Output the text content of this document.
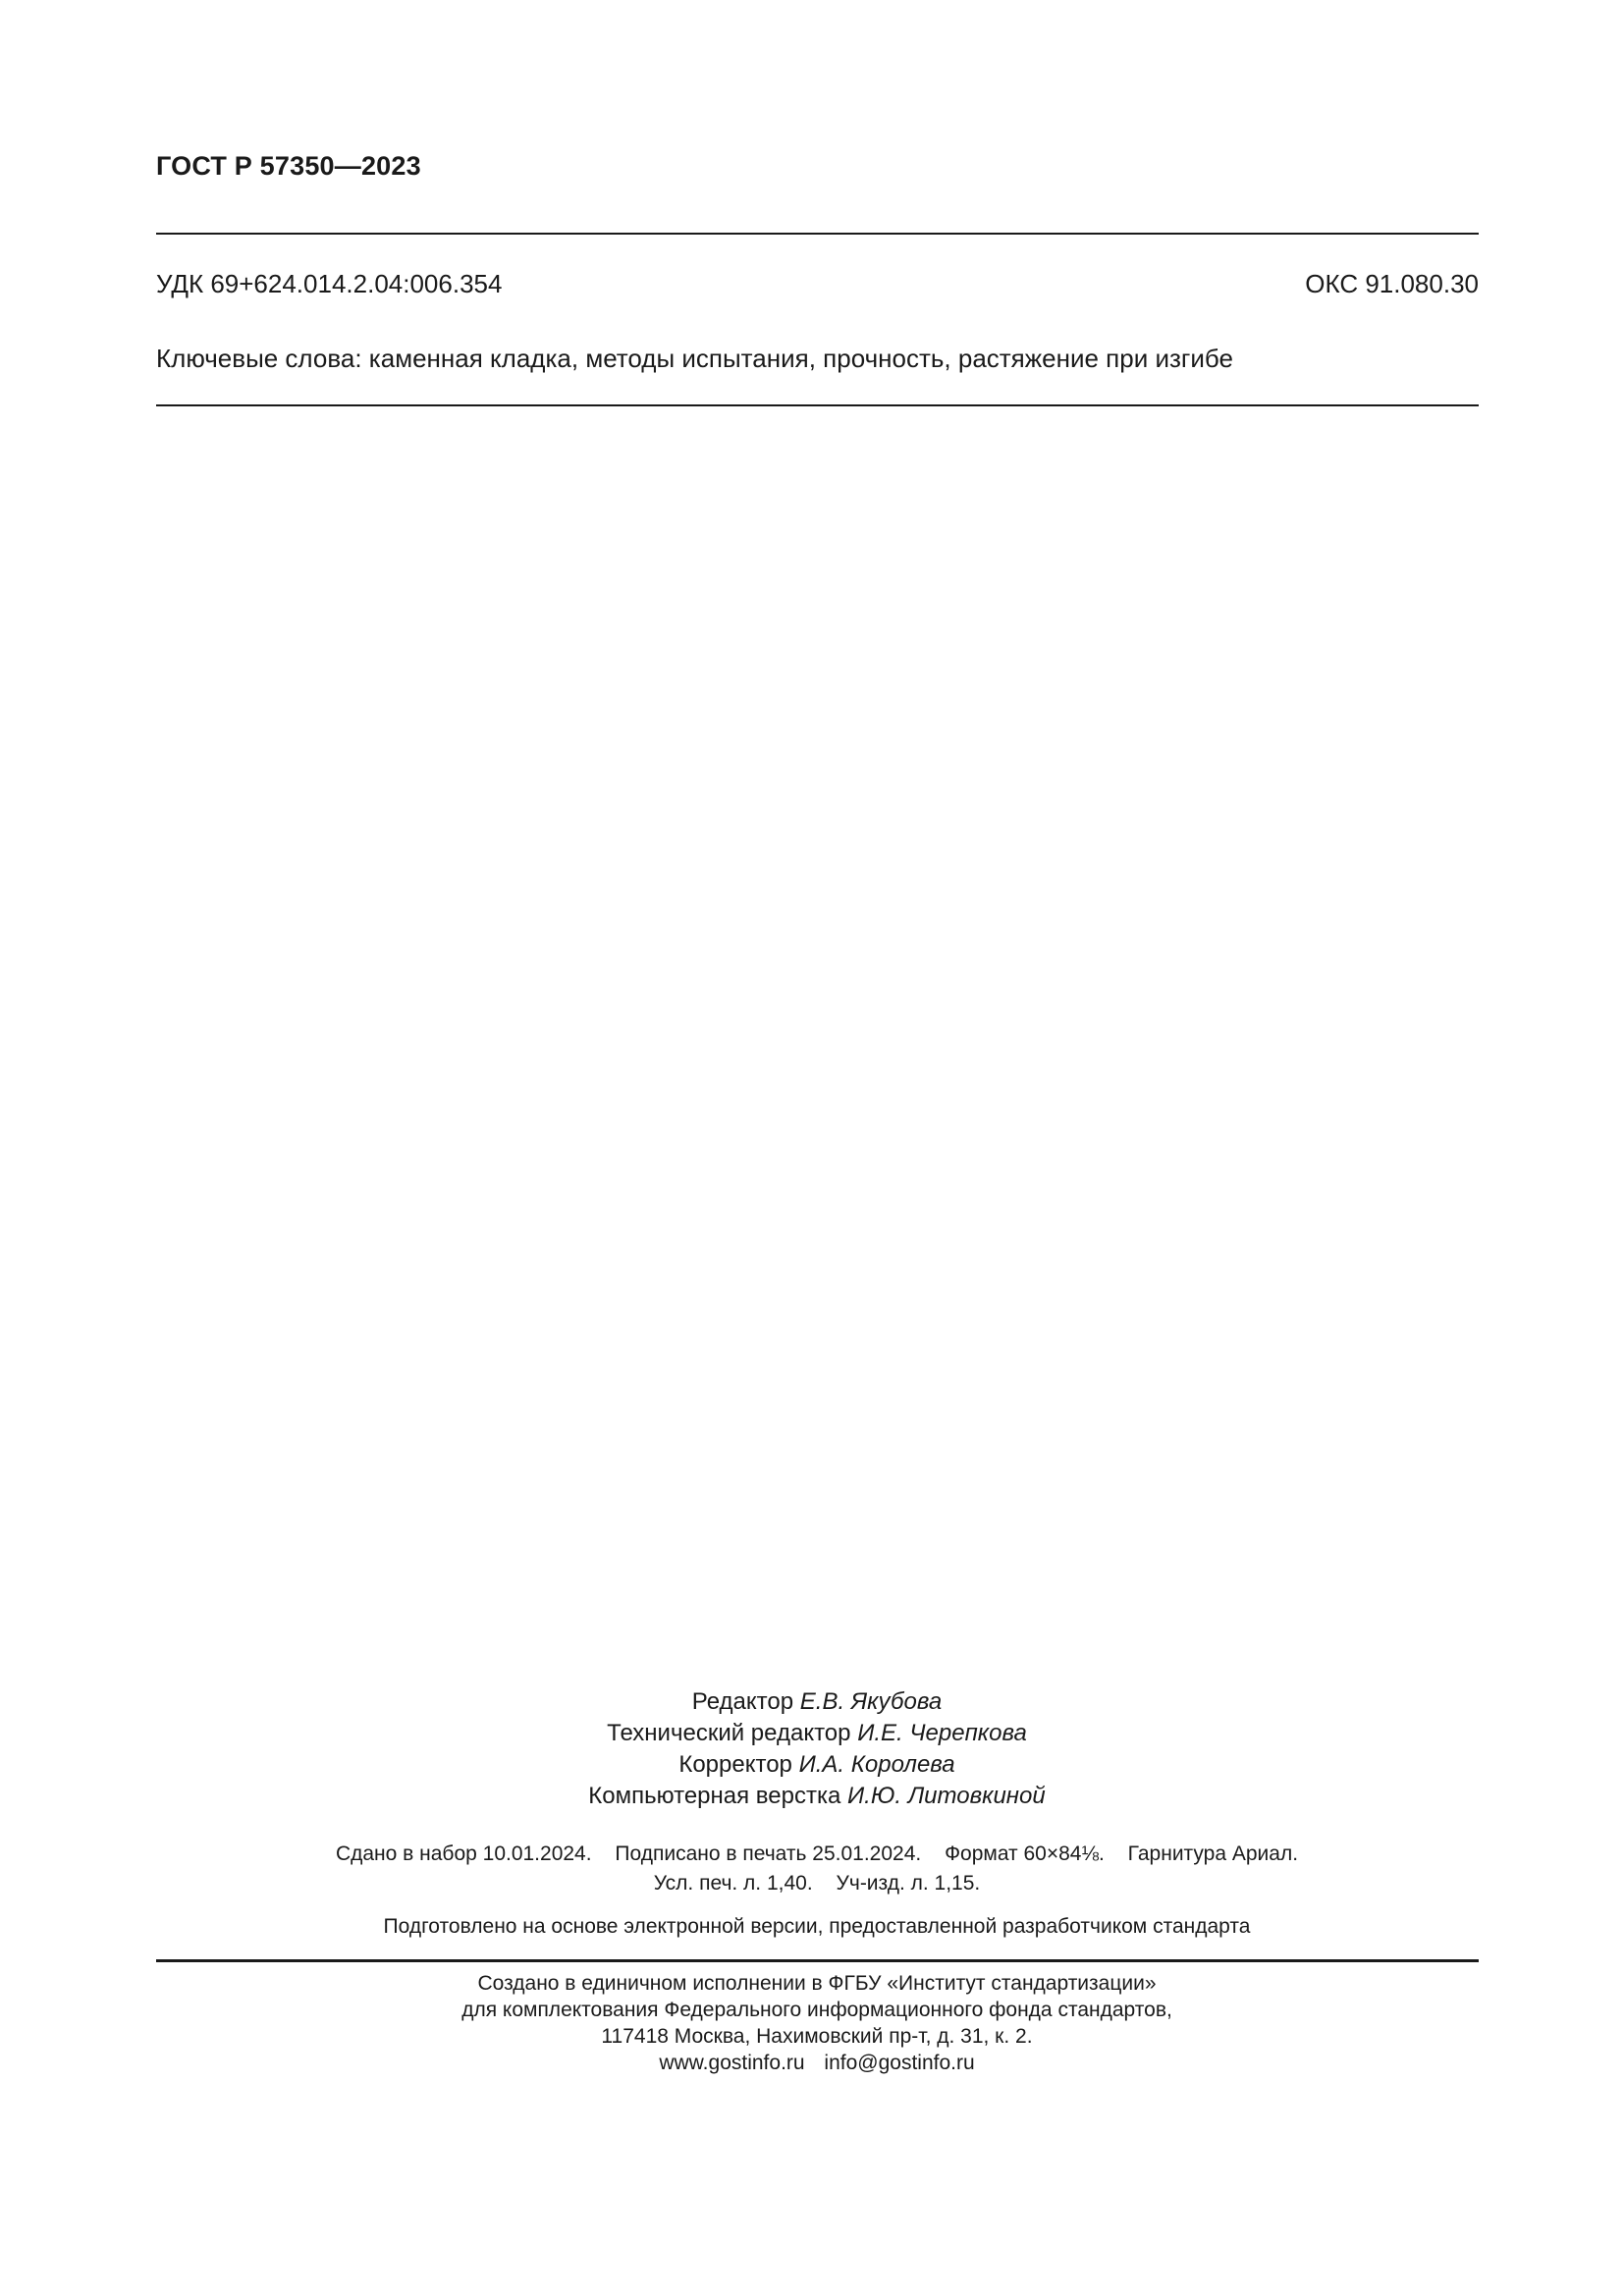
ГОСТ Р 57350—2023
УДК 69+624.014.2.04:006.354	ОКС 91.080.30
Ключевые слова: каменная кладка, методы испытания, прочность, растяжение при изгибе
Редактор Е.В. Якубова
Технический редактор И.Е. Черепкова
Корректор И.А. Королева
Компьютерная верстка И.Ю. Литовкиной
Сдано в набор 10.01.2024. Подписано в печать 25.01.2024. Формат 60×84⅛. Гарнитура Ариал.
Усл. печ. л. 1,40. Уч-изд. л. 1,15.
Подготовлено на основе электронной версии, предоставленной разработчиком стандарта
Создано в единичном исполнении в ФГБУ «Институт стандартизации»
для комплектования Федерального информационного фонда стандартов,
117418 Москва, Нахимовский пр-т, д. 31, к. 2.
www.gostinfo.ru info@gostinfo.ru
